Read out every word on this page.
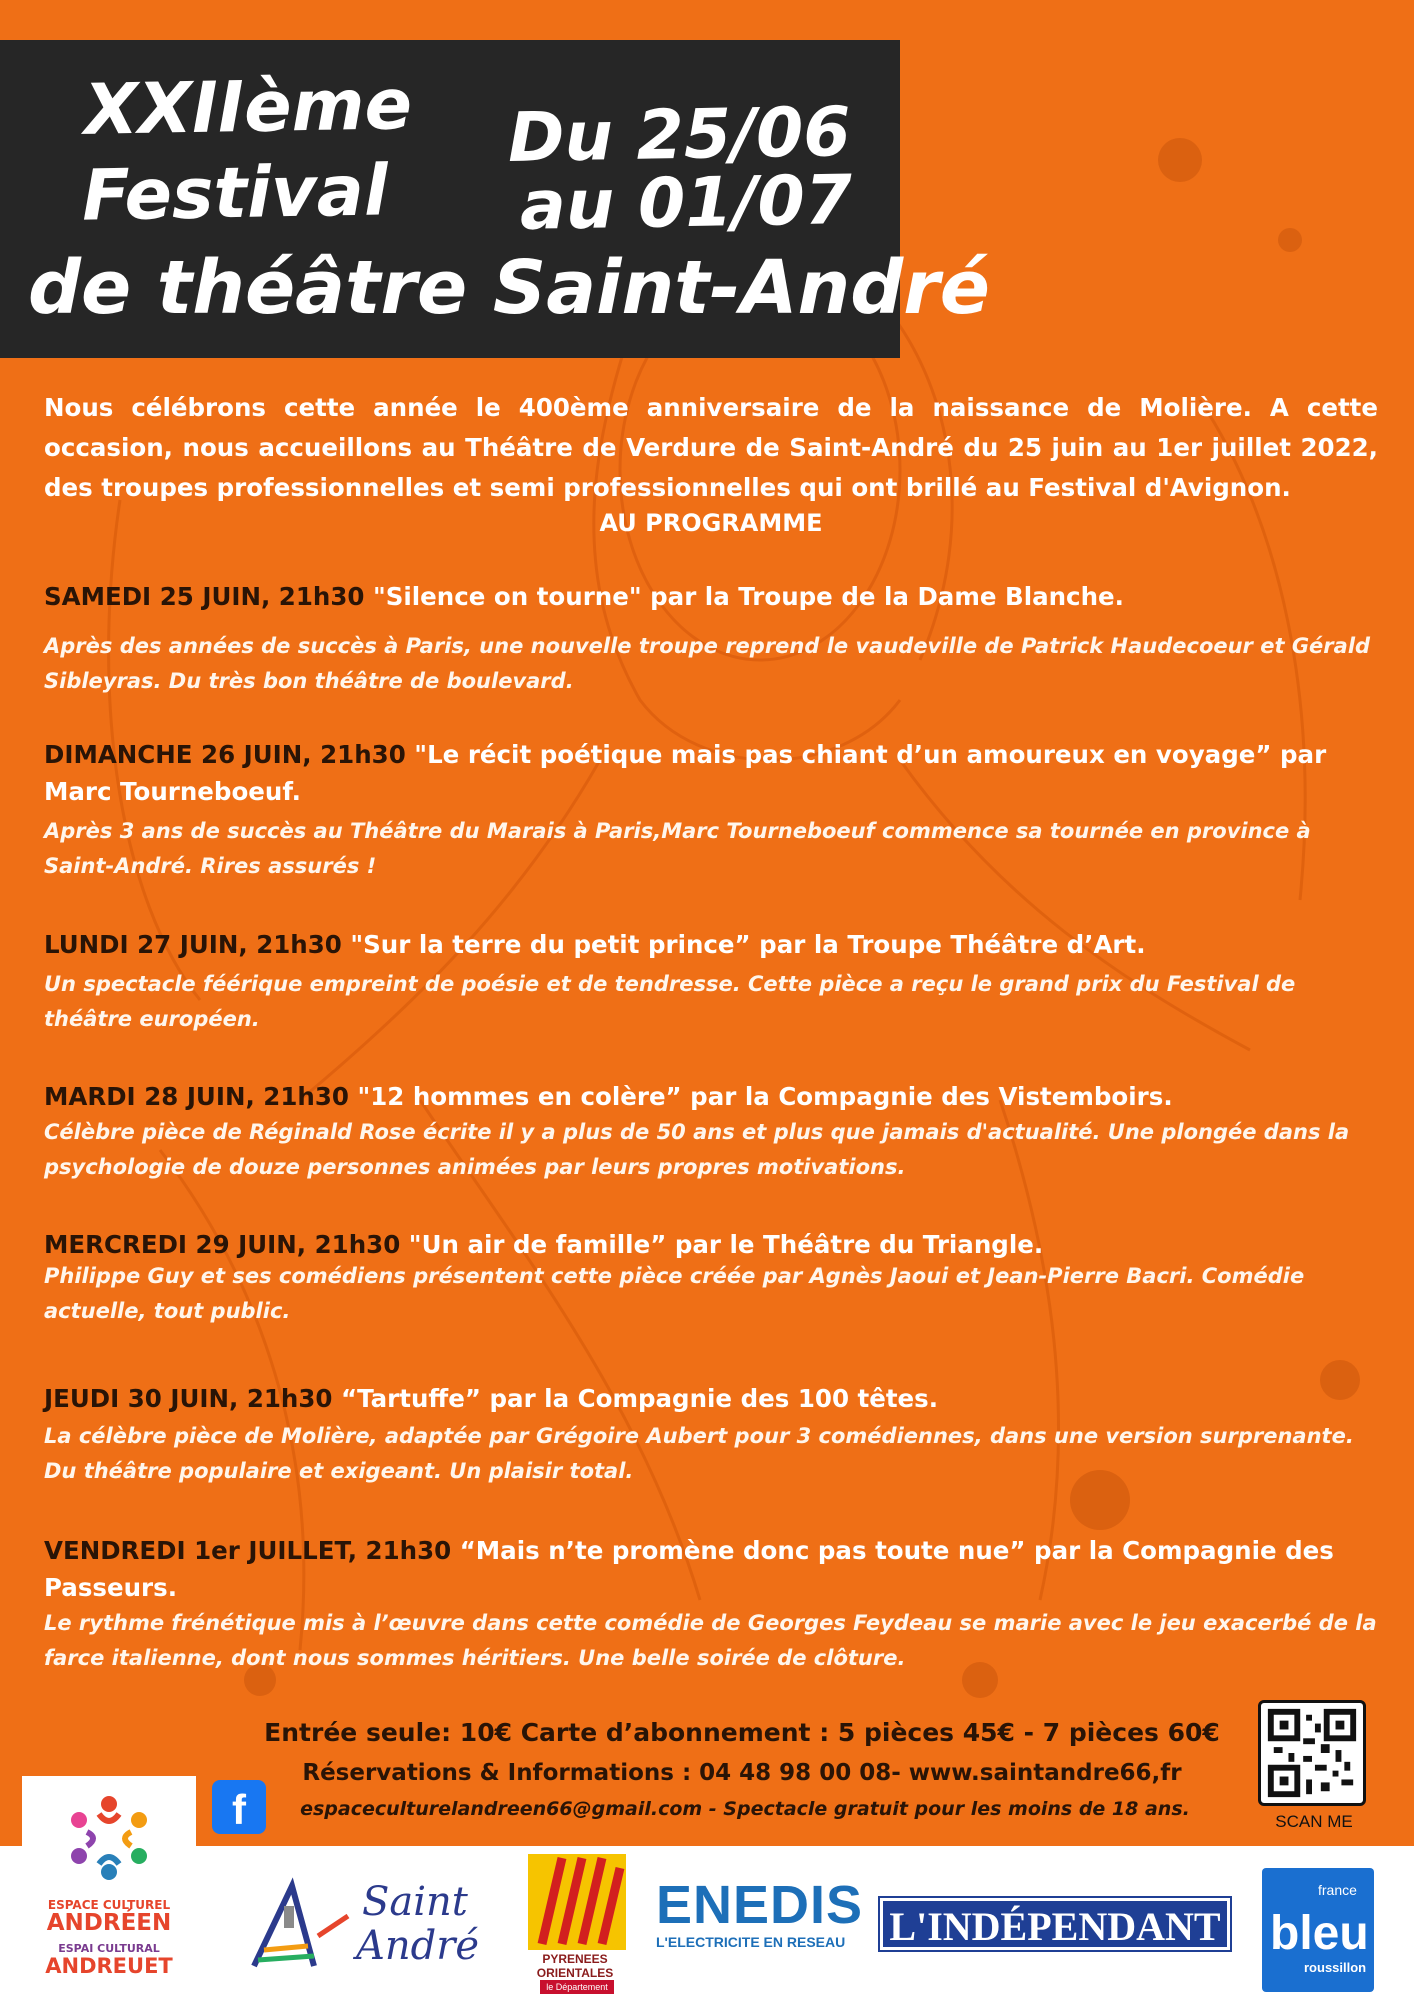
XXIIème
Festival
de théâtre Saint-André
Du 25/06
au 01/07

Nous célébrons cette année le 400ème anniversaire de la naissance de Molière. A cette occasion, nous accueillons au Théâtre de Verdure de Saint-André du 25 juin au 1er juillet 2022, des troupes professionnelles et semi professionnelles qui ont brillé au Festival d'Avignon.

AU PROGRAMME
SAMEDI 25 JUIN, 21h30 "Silence on tourne" par la Troupe de la Dame Blanche.
Après des années de succès à Paris, une nouvelle troupe reprend le vaudeville de Patrick Haudecoeur et Gérald Sibleyras. Du très bon théâtre de boulevard.
DIMANCHE 26 JUIN, 21h30 "Le récit poétique mais pas chiant d’un amoureux en voyage” par Marc Tourneboeuf.
Après 3 ans de succès au Théâtre du Marais à Paris,Marc Tourneboeuf commence sa tournée en province à Saint-André. Rires assurés !
LUNDI 27 JUIN, 21h30 "Sur la terre du petit prince” par la Troupe Théâtre d’Art.
Un spectacle féérique empreint de poésie et de tendresse. Cette pièce a reçu le grand prix du Festival de théâtre européen.
MARDI 28 JUIN, 21h30 "12 hommes en colère” par la Compagnie des Vistemboirs.
Célèbre pièce de Réginald Rose écrite il y a plus de 50 ans et plus que jamais d'actualité. Une plongée dans la psychologie de douze personnes animées par leurs propres motivations.
MERCREDI 29 JUIN, 21h30 "Un air de famille” par le Théâtre du Triangle.
Philippe Guy et ses comédiens présentent cette pièce créée par Agnès Jaoui et Jean-Pierre Bacri. Comédie actuelle, tout public.
JEUDI 30 JUIN, 21h30 “Tartuffe” par la Compagnie des 100 têtes.
La célèbre pièce de Molière, adaptée par Grégoire Aubert pour 3 comédiennes, dans une version surprenante. Du théâtre populaire et exigeant. Un plaisir total.
VENDREDI 1er JUILLET, 21h30 “Mais n’te promène donc pas toute nue” par la Compagnie des Passeurs.
Le rythme frénétique mis à l’œuvre dans cette comédie de Georges Feydeau se marie avec le jeu exacerbé de la farce italienne, dont nous sommes héritiers. Une belle soirée de clôture.
Entrée seule: 10€ Carte d’abonnement : 5 pièces 45€ - 7 pièces 60€
Réservations & Informations : 04 48 98 00 08- www.saintandre66,fr
espaceculturelandreen66@gmail.com - Spectacle gratuit pour les moins de 18 ans.
f	SCAN ME
ESPACE CULTUREL
ANDRÉEN
ESPAI CULTURAL
ANDREUET
Saint
André	PYRENEES
ORIENTALES
le Département
ENEDIS
L'ELECTRICITE EN RESEAU L'INDÉPENDANT
france
bleu
roussillon
